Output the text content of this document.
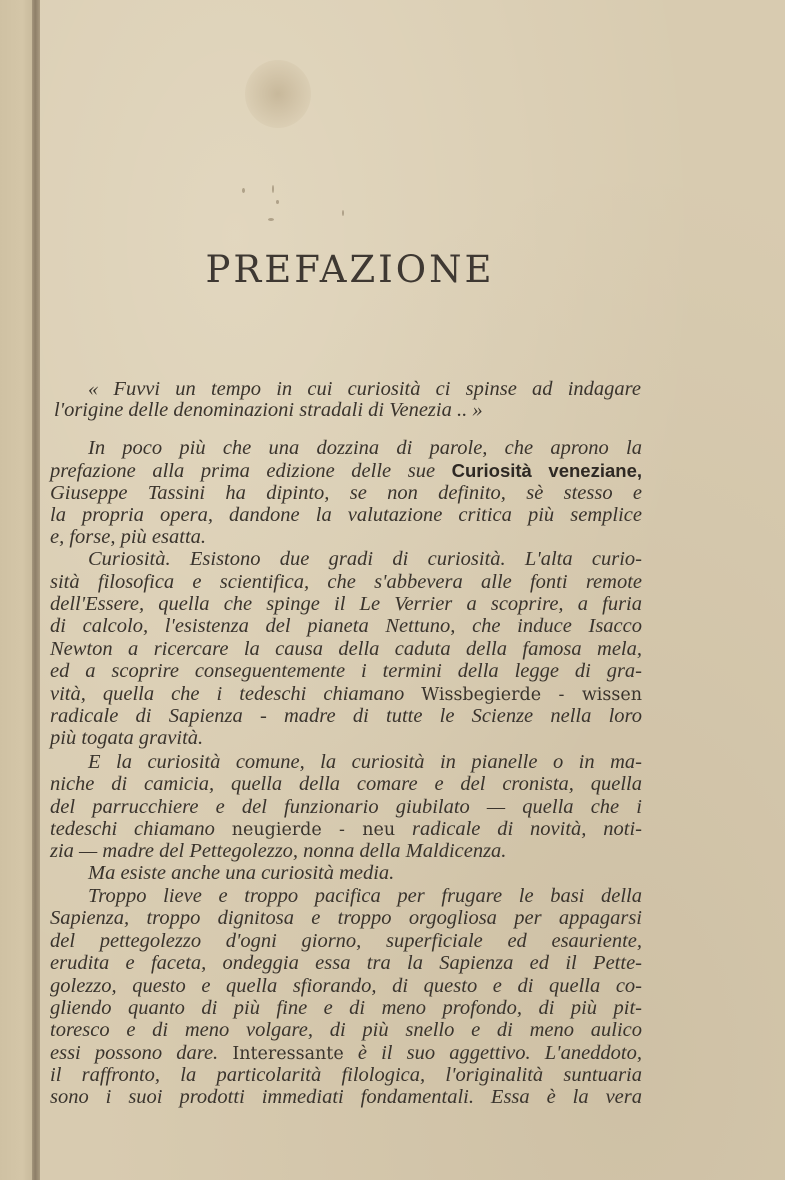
PREFAZIONE
« Fuvvi un tempo in cui curiosità ci spinse ad indagare
l'origine delle denominazioni stradali di Venezia .. »
In poco più che una dozzina di parole, che aprono la
prefazione alla prima edizione delle sue Curiosità veneziane,
Giuseppe Tassini ha dipinto, se non definito, sè stesso e
la propria opera, dandone la valutazione critica più semplice
e, forse, più esatta.
Curiosità. Esistono due gradi di curiosità. L'alta curio-
sità filosofica e scientifica, che s'abbevera alle fonti remote
dell'Essere, quella che spinge il Le Verrier a scoprire, a furia
di calcolo, l'esistenza del pianeta Nettuno, che induce Isacco
Newton a ricercare la causa della caduta della famosa mela,
ed a scoprire conseguentemente i termini della legge di gra-
vità, quella che i tedeschi chiamano Wissbegierde - wissen
radicale di Sapienza - madre di tutte le Scienze nella loro
più togata gravità.
E la curiosità comune, la curiosità in pianelle o in ma-
niche di camicia, quella della comare e del cronista, quella
del parrucchiere e del funzionario giubilato — quella che i
tedeschi chiamano neugierde - neu radicale di novità, noti-
zia — madre del Pettegolezzo, nonna della Maldicenza.
Ma esiste anche una curiosità media.
Troppo lieve e troppo pacifica per frugare le basi della
Sapienza, troppo dignitosa e troppo orgogliosa per appagarsi
del pettegolezzo d'ogni giorno, superficiale ed esauriente,
erudita e faceta, ondeggia essa tra la Sapienza ed il Pette-
golezzo, questo e quella sfiorando, di questo e di quella co-
gliendo quanto di più fine e di meno profondo, di più pit-
toresco e di meno volgare, di più snello e di meno aulico
essi possono dare. Interessante è il suo aggettivo. L'aneddoto,
il raffronto, la particolarità filologica, l'originalità suntuaria
sono i suoi prodotti immediati fondamentali. Essa è la vera
